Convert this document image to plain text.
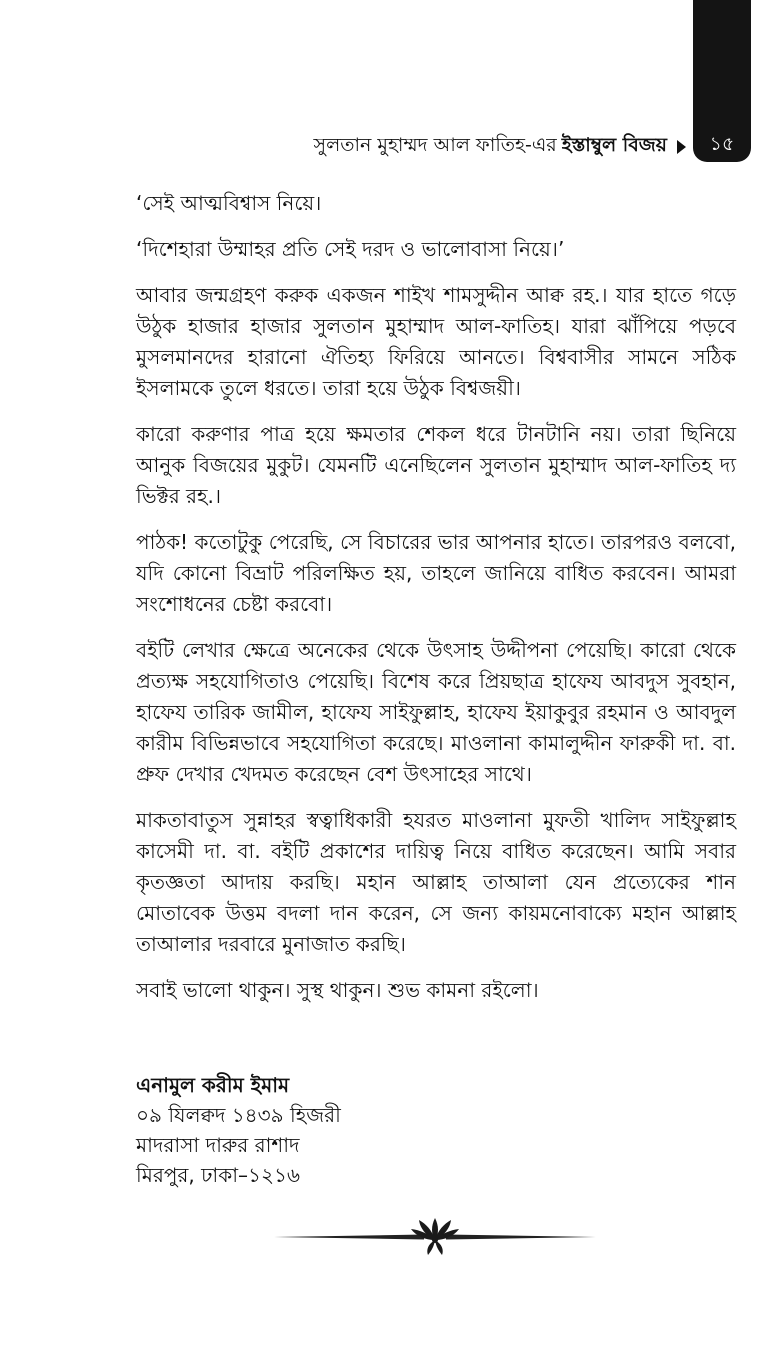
১৫
সুলতান মুহাম্মদ আল ফাতিহ-এর ইস্তাম্বুল বিজয়

‘সেই আত্মবিশ্বাস নিয়ে।

‘দিশেহারা উম্মাহর প্রতি সেই দরদ ও ভালোবাসা নিয়ে।’

আবার জন্মগ্রহণ করুক একজন শাইখ শামসুদ্দীন আক্ব রহ.। যার হাতে গড়ে উঠুক হাজার হাজার সুলতান মুহাম্মাদ আল-ফাতিহ। যারা ঝাঁপিয়ে পড়বে মুসলমানদের হারানো ঐতিহ্য ফিরিয়ে আনতে। বিশ্ববাসীর সামনে সঠিক ইসলামকে তুলে ধরতে। তারা হয়ে উঠুক বিশ্বজয়ী।

কারো করুণার পাত্র হয়ে ক্ষমতার শেকল ধরে টানটানি নয়। তারা ছিনিয়ে আনুক বিজয়ের মুকুট। যেমনটি এনেছিলেন সুলতান মুহাম্মাদ আল-ফাতিহ দ্য ভিক্টর রহ.।

পাঠক! কতোটুকু পেরেছি, সে বিচারের ভার আপনার হাতে। তারপরও বলবো, যদি কোনো বিভ্রাট পরিলক্ষিত হয়, তাহলে জানিয়ে বাধিত করবেন। আমরা সংশোধনের চেষ্টা করবো।

বইটি লেখার ক্ষেত্রে অনেকের থেকে উৎসাহ উদ্দীপনা পেয়েছি। কারো থেকে প্রত্যক্ষ সহযোগিতাও পেয়েছি। বিশেষ করে প্রিয়ছাত্র হাফেয আবদুস সুবহান, হাফেয তারিক জামীল, হাফেয সাইফুল্লাহ, হাফেয ইয়াকুবুর রহমান ও আবদুল কারীম বিভিন্নভাবে সহযোগিতা করেছে। মাওলানা কামালুদ্দীন ফারুকী দা. বা. প্রুফ দেখার খেদমত করেছেন বেশ উৎসাহের সাথে।

মাকতাবাতুস সুন্নাহর স্বত্বাধিকারী হযরত মাওলানা মুফতী খালিদ সাইফুল্লাহ কাসেমী দা. বা. বইটি প্রকাশের দায়িত্ব নিয়ে বাধিত করেছেন। আমি সবার কৃতজ্ঞতা আদায় করছি। মহান আল্লাহ তাআলা যেন প্রত্যেকের শান মোতাবেক উত্তম বদলা দান করেন, সে জন্য কায়মনোবাক্যে মহান আল্লাহ তাআলার দরবারে মুনাজাত করছি।

সবাই ভালো থাকুন। সুস্থ থাকুন। শুভ কামনা রইলো।

এনামুল করীম ইমাম
০৯ যিলক্বদ ১৪৩৯ হিজরী
মাদরাসা দারুর রাশাদ
মিরপুর, ঢাকা–১২১৬
